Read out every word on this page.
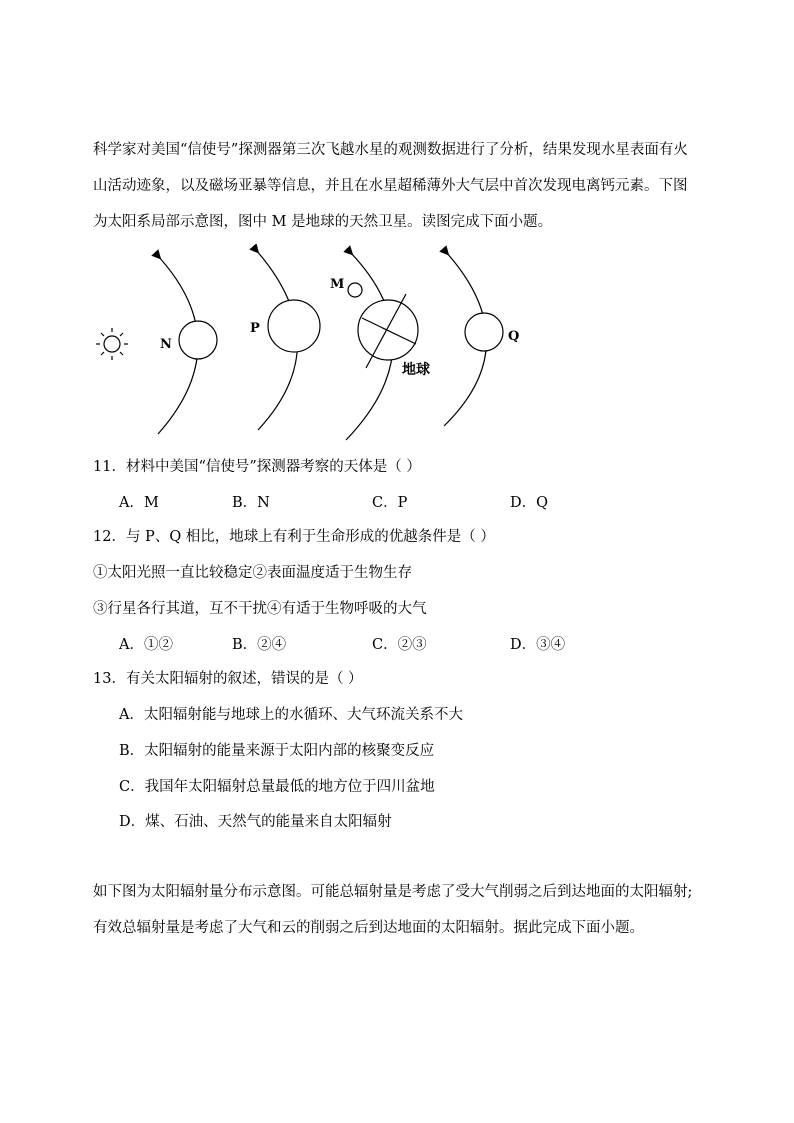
科学家对美国“信使号”探测器第三次飞越水星的观测数据进行了分析，结果发现水星表面有火
山活动迹象，以及磁场亚暴等信息，并且在水星超稀薄外大气层中首次发现电离钙元素。下图
为太阳系局部示意图，图中 M 是地球的天然卫星。读图完成下面小题。
N
P
M
地球
Q
11．材料中美国“信使号”探测器考察的天体是（ ）
A．M	B．N	C．P	D．Q
12．与 P、Q 相比，地球上有利于生命形成的优越条件是（ ）
①太阳光照一直比较稳定②表面温度适于生物生存
③行星各行其道，互不干扰④有适于生物呼吸的大气
A．①②	B．②④	C．②③	D．③④
13．有关太阳辐射的叙述，错误的是（ ）
A．太阳辐射能与地球上的水循环、大气环流关系不大
B．太阳辐射的能量来源于太阳内部的核聚变反应
C．我国年太阳辐射总量最低的地方位于四川盆地
D．煤、石油、天然气的能量来自太阳辐射
如下图为太阳辐射量分布示意图。可能总辐射量是考虑了受大气削弱之后到达地面的太阳辐射;
有效总辐射量是考虑了大气和云的削弱之后到达地面的太阳辐射。据此完成下面小题。
